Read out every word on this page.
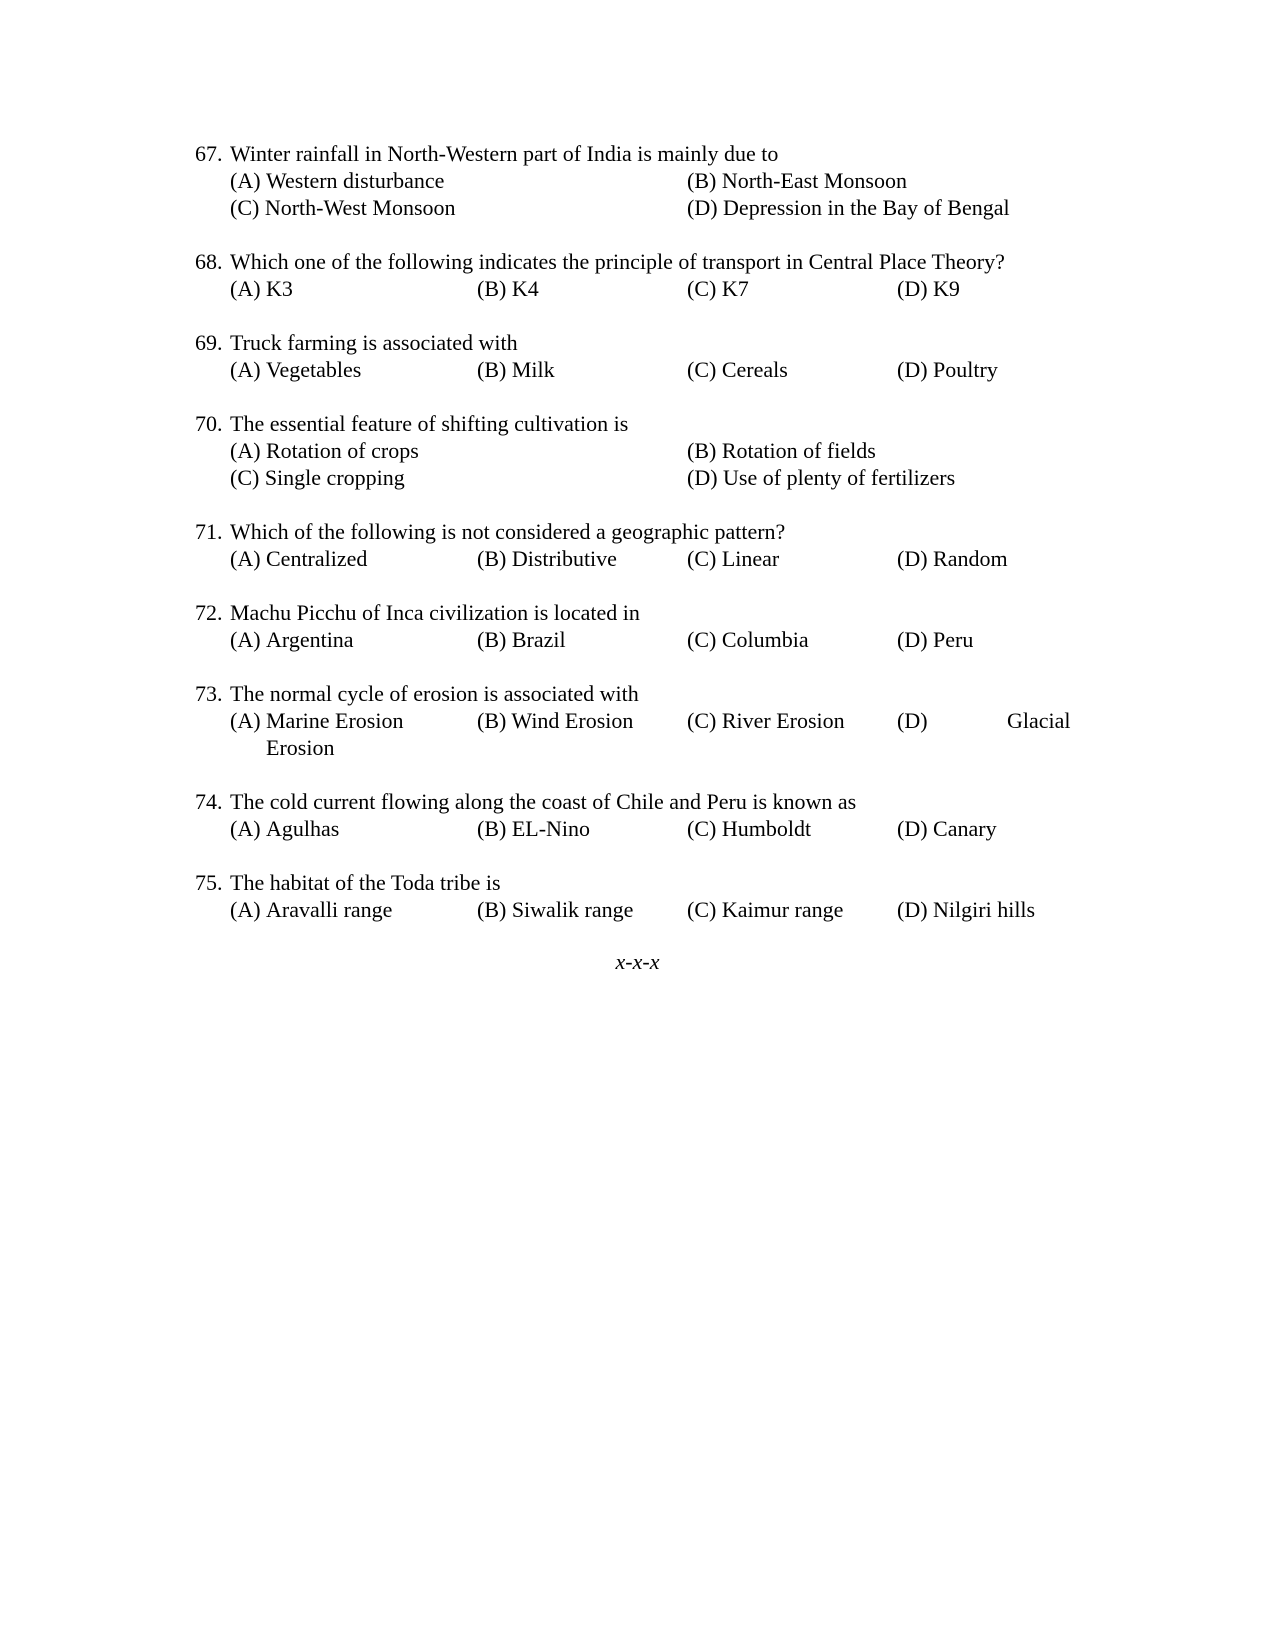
67. Winter rainfall in North-Western part of India is mainly due to
(A) Western disturbance	(B) North-East Monsoon
(C) North-West Monsoon	(D) Depression in the Bay of Bengal
68. Which one of the following indicates the principle of transport in Central Place Theory?
(A) K3	(B) K4	(C) K7	(D) K9
69. Truck farming is associated with
(A) Vegetables	(B) Milk	(C) Cereals	(D) Poultry
70. The essential feature of shifting cultivation is
(A) Rotation of crops	(B) Rotation of fields
(C) Single cropping	(D) Use of plenty of fertilizers
71. Which of the following is not considered a geographic pattern?
(A) Centralized	(B) Distributive	(C) Linear	(D) Random
72. Machu Picchu of Inca civilization is located in
(A) Argentina	(B) Brazil	(C) Columbia	(D) Peru
73. The normal cycle of erosion is associated with
(A) Marine Erosion	(B) Wind Erosion (C) River Erosion (D)	Glacial
Erosion
74. The cold current flowing along the coast of Chile and Peru is known as
(A) Agulhas	(B) EL-Nino	(C) Humboldt	(D) Canary
75. The habitat of the Toda tribe is
(A) Aravalli range	(B) Siwalik range (C) Kaimur range (D) Nilgiri hills
x-x-x
